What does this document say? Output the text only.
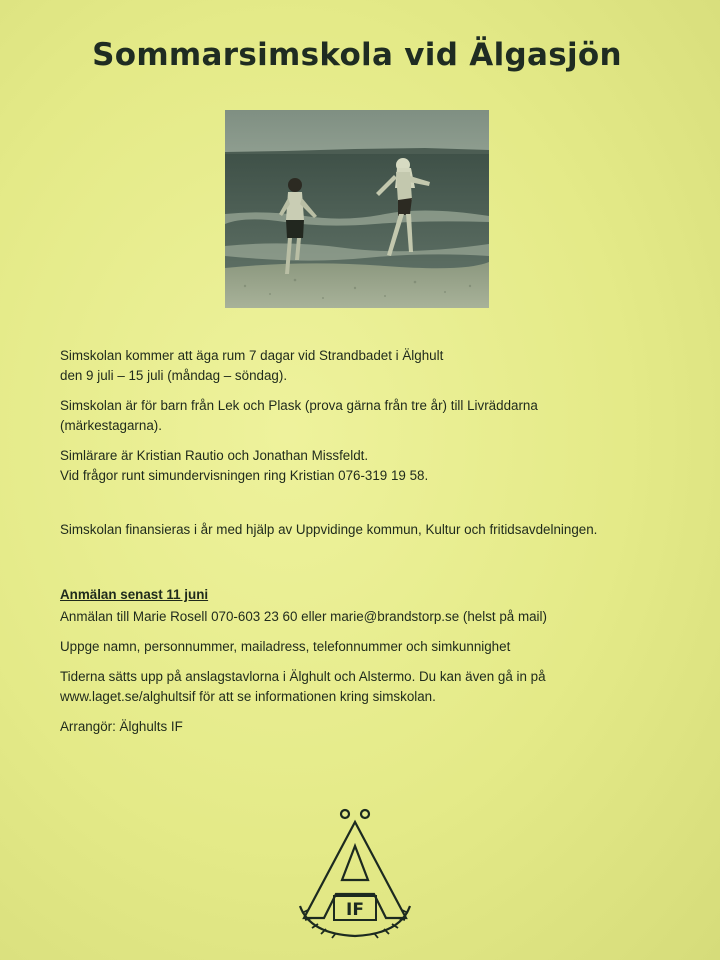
Sommarsimskola vid Älgasjön

Simskolan kommer att äga rum 7 dagar vid Strandbadet i Älghult
den 9 juli – 15 juli (måndag – söndag).

Simskolan är för barn från Lek och Plask (prova gärna från tre år) till Livräddarna
(märkestagarna).

Simlärare är Kristian Rautio och Jonathan Missfeldt.
Vid frågor runt simundervisningen ring Kristian 076-319 19 58.

Simskolan finansieras i år med hjälp av Uppvidinge kommun, Kultur och fritidsavdelningen.

Anmälan senast 11 juni

Anmälan till Marie Rosell 070-603 23 60 eller marie@brandstorp.se (helst på mail)

Uppge namn, personnummer, mailadress, telefonnummer och simkunnighet

Tiderna sätts upp på anslagstavlorna i Älghult och Alstermo. Du kan även gå in på
www.laget.se/alghultsif för att se informationen kring simskolan.

Arrangör: Älghults IF

IF
